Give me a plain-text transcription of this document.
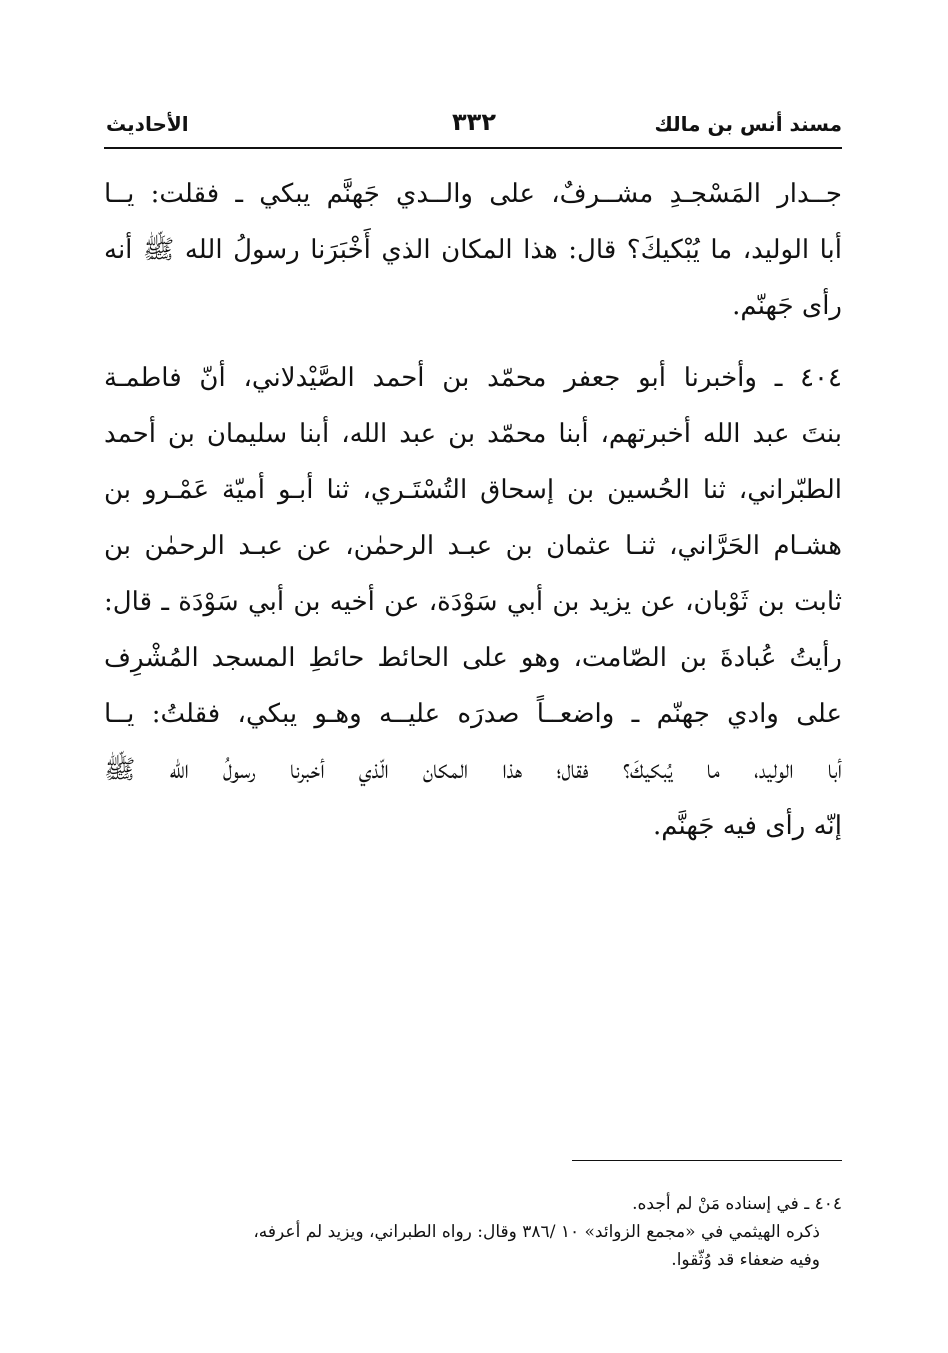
مسند أنس بن مالك
٣٣٢
الأحاديث

جــدار المَسْجـدِ مشــرفٌ، على والــدي جَهنَّم يبكي ـ فقلت: يــا
أبا الوليد، ما يُبْكيكَ؟ قال: هذا المكان الذي أَخْبَرَنا رسولُ الله ﷺ أنه
رأى جَهنّم.

٤٠٤ ـ وأخبرنا أبو جعفر محمّد بن أحمد الصَّيْدلاني، أنّ فاطمـة
بنتَ عبد الله أخبرتهم، أبنا محمّد بن عبد الله، أبنا سليمان بن أحمد
الطبّراني، ثنا الحُسين بن إسحاق التُسْتَـري، ثنا أبـو أميّة عَمْـرو بن
هشـام الحَرَّاني، ثنـا عثمان بن عبـد الرحمٰن، عن عبـد الرحمٰن بن
ثابت بن ثَوْبان، عن يزيد بن أبي سَوْدَة، عن أخيه بن أبي سَوْدَة ـ قال:
رأيتُ عُبادةَ بن الصّامت، وهو على الحائط حائطِ المسجد المُشْرِف
على وادي جهنّم ـ واضعــاً صدرَه عليــه وهـو يبكي، فقلتُ: يــا
أبا الوليد، ما يُبكيكَ؟ فقال؛ هذا المكان الّذي أخبرنا رسولُ الله ﷺ
إنّه رأى فيه جَهنَّم.

٤٠٤ ـ في إسناده مَنْ لم أجده.
ذكره الهيثمي في «مجمع الزوائد» ١٠ /٣٨٦ وقال: رواه الطبراني، ويزيد لم أعرفه،
وفيه ضعفاء قد وُثّقوا.
